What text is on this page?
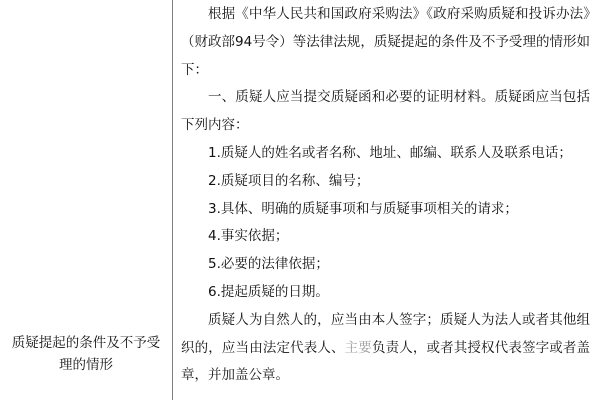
质疑提起的条件及不予受理的情形

根据《中华人民共和国政府采购法》《政府采购质疑和投诉办法》（财政部94号令）等法律法规，质疑提起的条件及不予受理的情形如下：

一、质疑人应当提交质疑函和必要的证明材料。质疑函应当包括下列内容：

1.质疑人的姓名或者名称、地址、邮编、联系人及联系电话；

2.质疑项目的名称、编号；

3.具体、明确的质疑事项和与质疑事项相关的请求；

4.事实依据；

5.必要的法律依据；

6.提起质疑的日期。

质疑人为自然人的，应当由本人签字；质疑人为法人或者其他组织的，应当由法定代表人、主要负责人，或者其授权代表签字或者盖章，并加盖公章。
